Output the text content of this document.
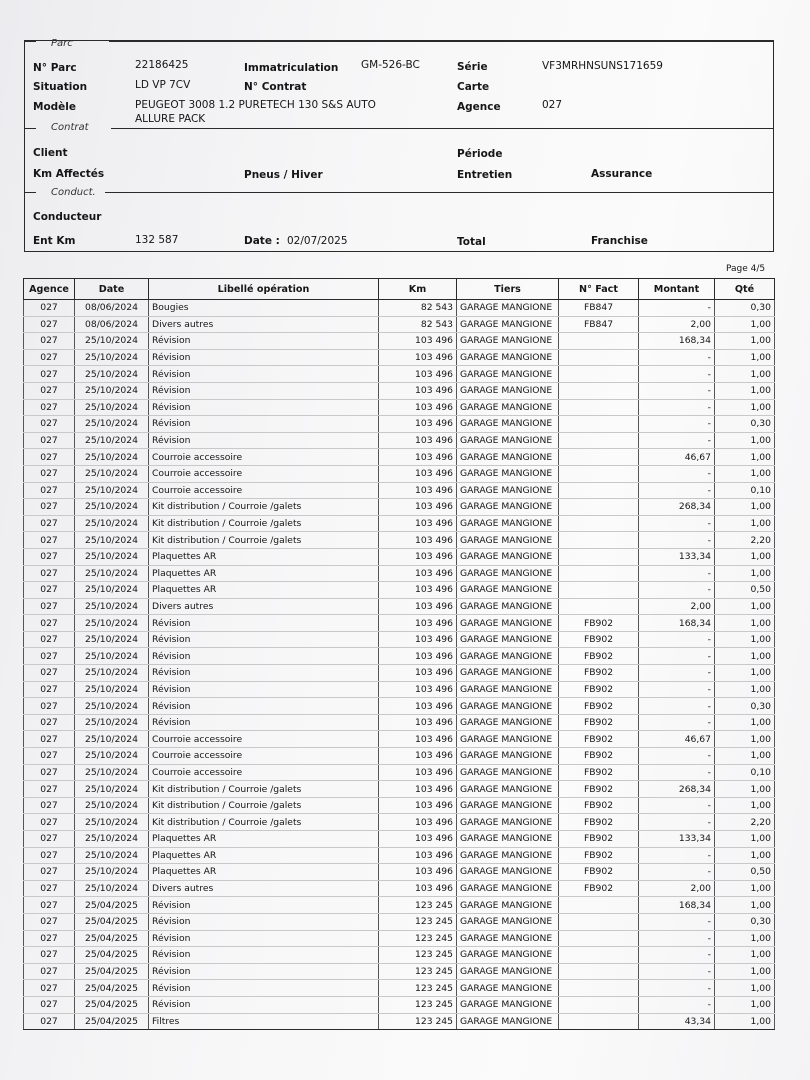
Parc
Contrat
Conduct.
N° Parc	22186425	Immatriculation GM-526-BC	Série	VF3MRHNSUNS171659
Situation	LD VP 7CV	N° Contrat	Carte
Modèle	PEUGEOT 3008 1.2 PURETECH 130 S&S AUTO
ALLURE PACK
Agence	027
Client	Période
Km Affectés	Pneus / Hiver	Entretien	Assurance
Conducteur
Ent Km	132 587	Date : 02/07/2025	Total	Franchise
Page 4/5
Agence	Date	Libellé opération	Km	Tiers	N° Fact	Montant	Qté
027	08/06/2024	Bougies	82 543	GARAGE MANGIONE	FB847	-	0,30
027	08/06/2024	Divers autres	82 543	GARAGE MANGIONE	FB847	2,00	1,00
027	25/10/2024	Révision	103 496	GARAGE MANGIONE		168,34	1,00
027	25/10/2024	Révision	103 496	GARAGE MANGIONE		-	1,00
027	25/10/2024	Révision	103 496	GARAGE MANGIONE		-	1,00
027	25/10/2024	Révision	103 496	GARAGE MANGIONE		-	1,00
027	25/10/2024	Révision	103 496	GARAGE MANGIONE		-	1,00
027	25/10/2024	Révision	103 496	GARAGE MANGIONE		-	0,30
027	25/10/2024	Révision	103 496	GARAGE MANGIONE		-	1,00
027	25/10/2024	Courroie accessoire	103 496	GARAGE MANGIONE		46,67	1,00
027	25/10/2024	Courroie accessoire	103 496	GARAGE MANGIONE		-	1,00
027	25/10/2024	Courroie accessoire	103 496	GARAGE MANGIONE		-	0,10
027	25/10/2024	Kit distribution / Courroie /galets	103 496	GARAGE MANGIONE		268,34	1,00
027	25/10/2024	Kit distribution / Courroie /galets	103 496	GARAGE MANGIONE		-	1,00
027	25/10/2024	Kit distribution / Courroie /galets	103 496	GARAGE MANGIONE		-	2,20
027	25/10/2024	Plaquettes AR	103 496	GARAGE MANGIONE		133,34	1,00
027	25/10/2024	Plaquettes AR	103 496	GARAGE MANGIONE		-	1,00
027	25/10/2024	Plaquettes AR	103 496	GARAGE MANGIONE		-	0,50
027	25/10/2024	Divers autres	103 496	GARAGE MANGIONE		2,00	1,00
027	25/10/2024	Révision	103 496	GARAGE MANGIONE	FB902	168,34	1,00
027	25/10/2024	Révision	103 496	GARAGE MANGIONE	FB902	-	1,00
027	25/10/2024	Révision	103 496	GARAGE MANGIONE	FB902	-	1,00
027	25/10/2024	Révision	103 496	GARAGE MANGIONE	FB902	-	1,00
027	25/10/2024	Révision	103 496	GARAGE MANGIONE	FB902	-	1,00
027	25/10/2024	Révision	103 496	GARAGE MANGIONE	FB902	-	0,30
027	25/10/2024	Révision	103 496	GARAGE MANGIONE	FB902	-	1,00
027	25/10/2024	Courroie accessoire	103 496	GARAGE MANGIONE	FB902	46,67	1,00
027	25/10/2024	Courroie accessoire	103 496	GARAGE MANGIONE	FB902	-	1,00
027	25/10/2024	Courroie accessoire	103 496	GARAGE MANGIONE	FB902	-	0,10
027	25/10/2024	Kit distribution / Courroie /galets	103 496	GARAGE MANGIONE	FB902	268,34	1,00
027	25/10/2024	Kit distribution / Courroie /galets	103 496	GARAGE MANGIONE	FB902	-	1,00
027	25/10/2024	Kit distribution / Courroie /galets	103 496	GARAGE MANGIONE	FB902	-	2,20
027	25/10/2024	Plaquettes AR	103 496	GARAGE MANGIONE	FB902	133,34	1,00
027	25/10/2024	Plaquettes AR	103 496	GARAGE MANGIONE	FB902	-	1,00
027	25/10/2024	Plaquettes AR	103 496	GARAGE MANGIONE	FB902	-	0,50
027	25/10/2024	Divers autres	103 496	GARAGE MANGIONE	FB902	2,00	1,00
027	25/04/2025	Révision	123 245	GARAGE MANGIONE		168,34	1,00
027	25/04/2025	Révision	123 245	GARAGE MANGIONE		-	0,30
027	25/04/2025	Révision	123 245	GARAGE MANGIONE		-	1,00
027	25/04/2025	Révision	123 245	GARAGE MANGIONE		-	1,00
027	25/04/2025	Révision	123 245	GARAGE MANGIONE		-	1,00
027	25/04/2025	Révision	123 245	GARAGE MANGIONE		-	1,00
027	25/04/2025	Révision	123 245	GARAGE MANGIONE		-	1,00
027	25/04/2025	Filtres	123 245	GARAGE MANGIONE		43,34	1,00
